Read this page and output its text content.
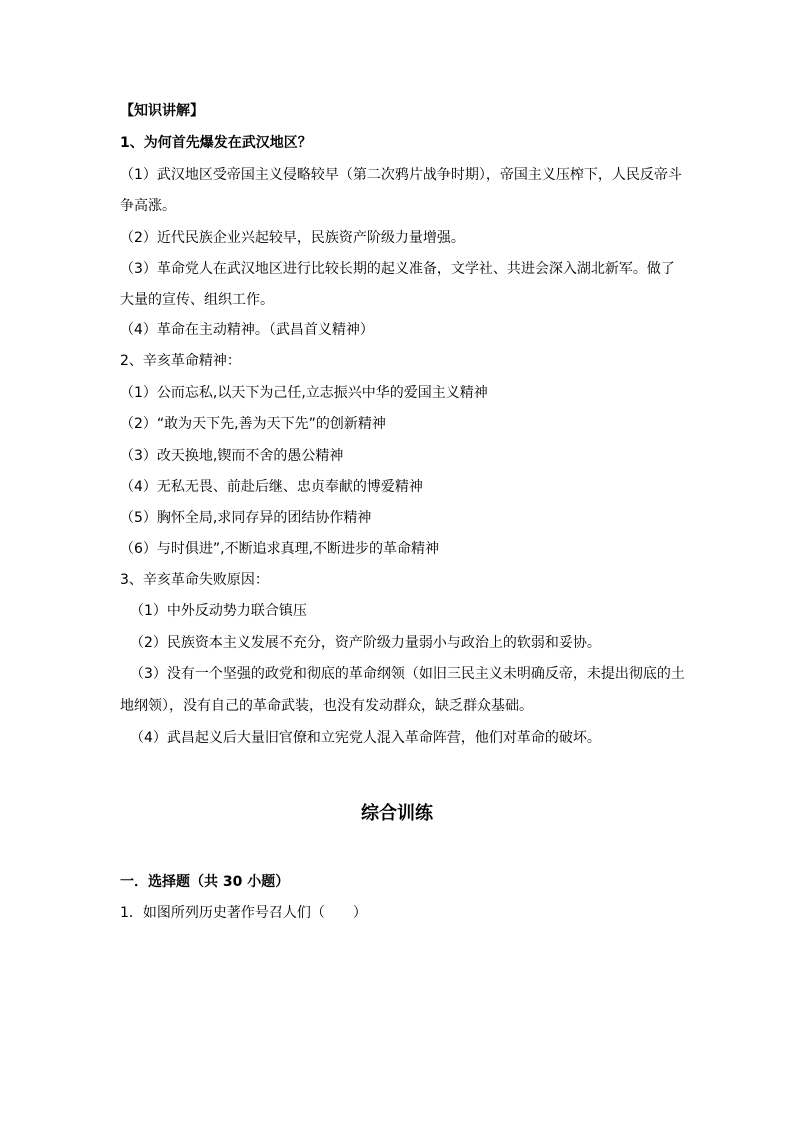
【知识讲解】
1、为何首先爆发在武汉地区？
（1）武汉地区受帝国主义侵略较早（第二次鸦片战争时期），帝国主义压榨下，人民反帝斗
争高涨。
（2）近代民族企业兴起较早，民族资产阶级力量增强。
（3）革命党人在武汉地区进行比较长期的起义准备，文学社、共进会深入湖北新军。做了
大量的宣传、组织工作。
（4）革命在主动精神。（武昌首义精神）
2、辛亥革命精神：
（1）公而忘私,以天下为己任,立志振兴中华的爱国主义精神
（2）“敢为天下先,善为天下先”的创新精神
（3）改天换地,锲而不舍的愚公精神
（4）无私无畏、前赴后继、忠贞奉献的博爱精神
（5）胸怀全局,求同存异的团结协作精神
（6）与时俱进”,不断追求真理,不断进步的革命精神
3、辛亥革命失败原因：
（1）中外反动势力联合镇压
（2）民族资本主义发展不充分，资产阶级力量弱小与政治上的软弱和妥协。
（3）没有一个坚强的政党和彻底的革命纲领（如旧三民主义未明确反帝，未提出彻底的土
地纲领），没有自己的革命武装，也没有发动群众，缺乏群众基础。
（4）武昌起义后大量旧官僚和立宪党人混入革命阵营，他们对革命的破坏。
综合训练
一．选择题（共 30 小题）
1．如图所列历史著作号召人们（　　）
